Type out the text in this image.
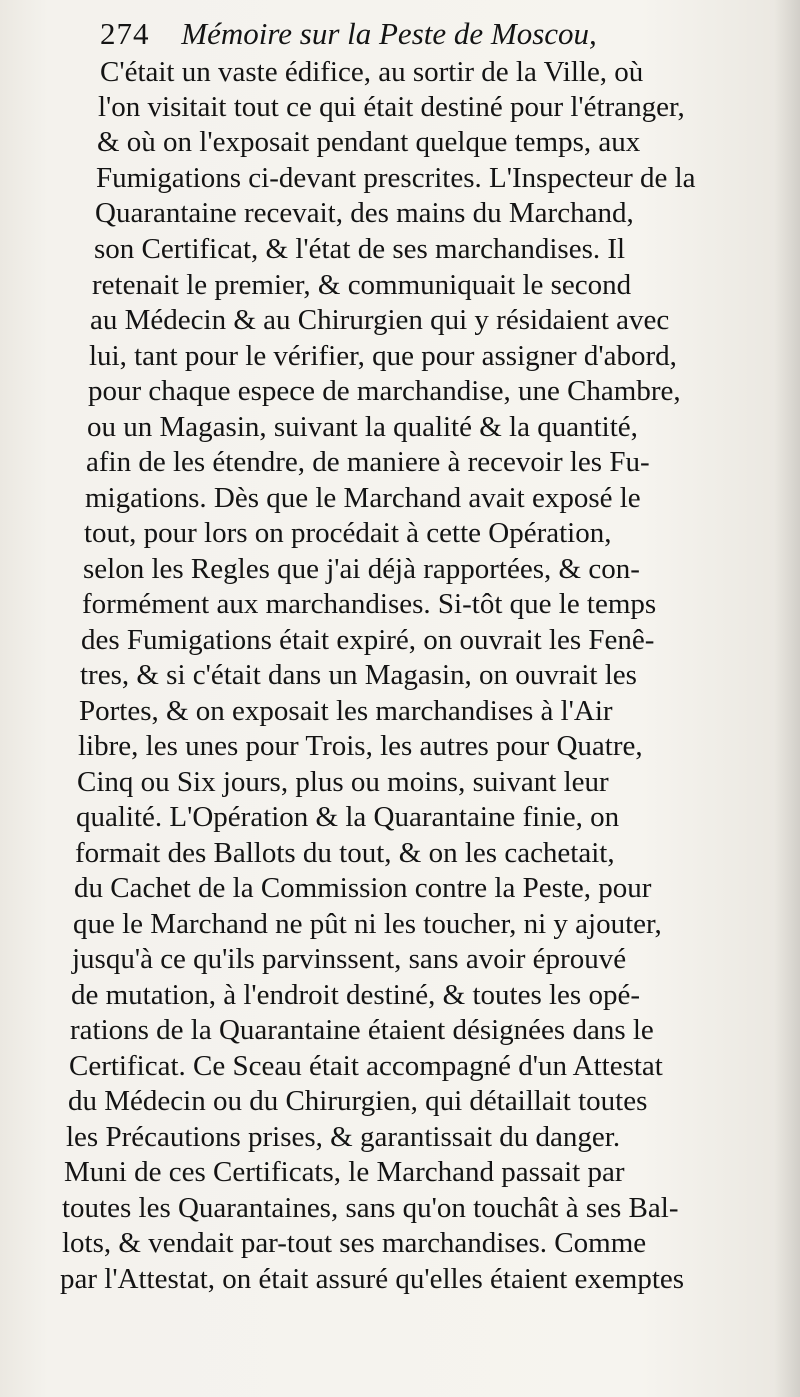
274 Mémoire sur la Peste de Moscou,
C'était un vaste édifice, au sortir de la Ville, où
l'on visitait tout ce qui était destiné pour l'étranger,
& où on l'exposait pendant quelque temps, aux
Fumigations ci-devant prescrites. L'Inspecteur de la
Quarantaine recevait, des mains du Marchand,
son Certificat, & l'état de ses marchandises. Il
retenait le premier, & communiquait le second
au Médecin & au Chirurgien qui y résidaient avec
lui, tant pour le vérifier, que pour assigner d'abord,
pour chaque espece de marchandise, une Chambre,
ou un Magasin, suivant la qualité & la quantité,
afin de les étendre, de maniere à recevoir les Fu-
migations. Dès que le Marchand avait exposé le
tout, pour lors on procédait à cette Opération,
selon les Regles que j'ai déjà rapportées, & con-
formément aux marchandises. Si-tôt que le temps
des Fumigations était expiré, on ouvrait les Fenê-
tres, & si c'était dans un Magasin, on ouvrait les
Portes, & on exposait les marchandises à l'Air
libre, les unes pour Trois, les autres pour Quatre,
Cinq ou Six jours, plus ou moins, suivant leur
qualité. L'Opération & la Quarantaine finie, on
formait des Ballots du tout, & on les cachetait,
du Cachet de la Commission contre la Peste, pour
que le Marchand ne pût ni les toucher, ni y ajouter,
jusqu'à ce qu'ils parvinssent, sans avoir éprouvé
de mutation, à l'endroit destiné, & toutes les opé-
rations de la Quarantaine étaient désignées dans le
Certificat. Ce Sceau était accompagné d'un Attestat
du Médecin ou du Chirurgien, qui détaillait toutes
les Précautions prises, & garantissait du danger.
Muni de ces Certificats, le Marchand passait par
toutes les Quarantaines, sans qu'on touchât à ses Bal-
lots, & vendait par-tout ses marchandises. Comme
par l'Attestat, on était assuré qu'elles étaient exemptes
